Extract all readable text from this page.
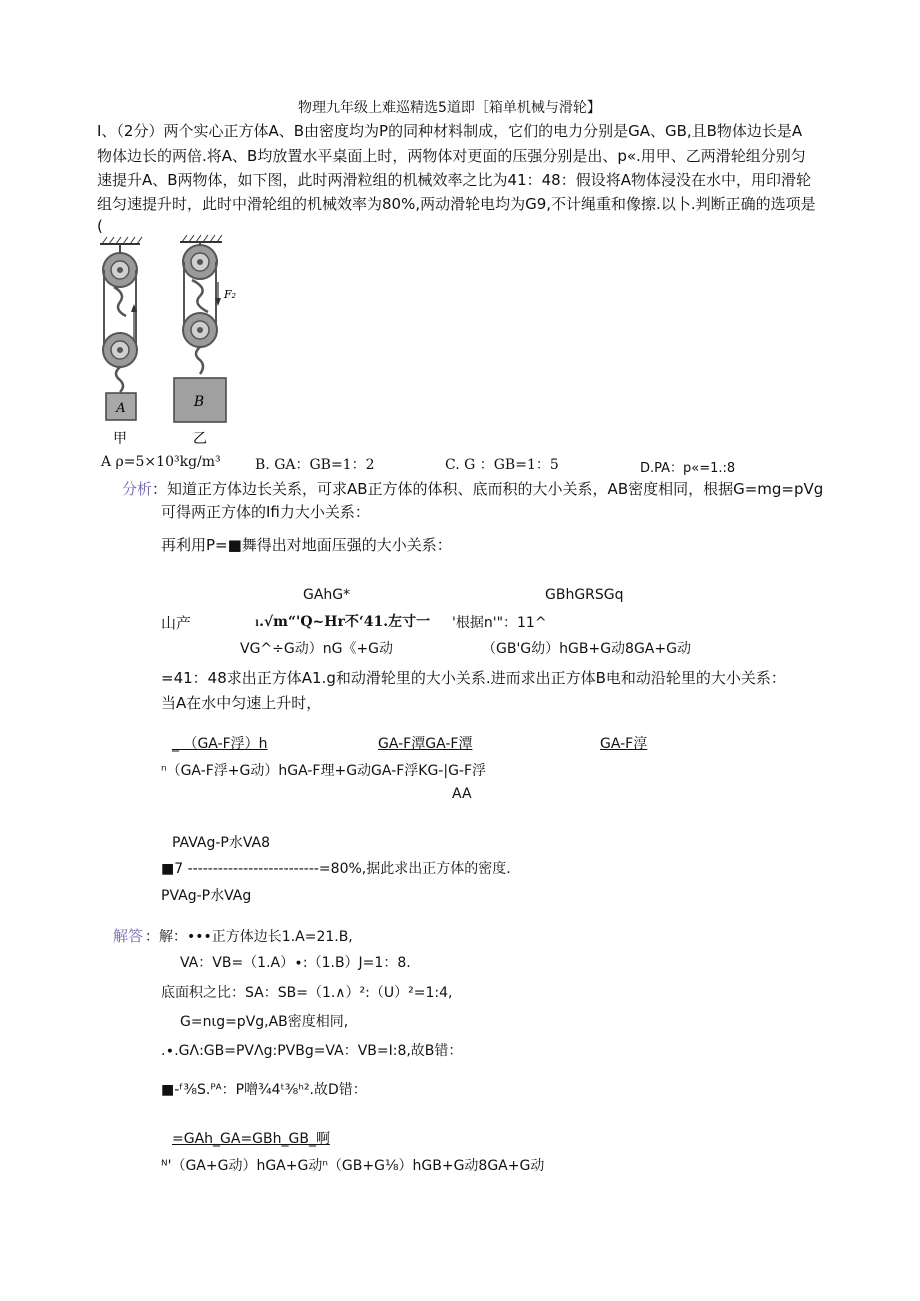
物理九年级上难巡精选5道即［箱单机械与滑轮】
I、（2分）两个实心正方体A、B由密度均为P的同种材料制成，它们的电力分别是GA、GB,且B物体边长是A
物体边长的两倍.将A、B均放置水平桌面上时，两物体对更面的压强分别是出、p«.用甲、乙两滑轮组分别匀
速提升A、B两物体，如下图，此时两滑粒组的机械效率之比为41：48：假设将A物体浸没在水中，用印滑轮
组匀速提升时，此时中滑轮组的机械效率为80%,两动滑轮电均为G9,不计绳重和像擦.以卜.判断正确的选项是
(
A
F₂
B
甲	乙
A ρ=5×10³kg/m³ B. GA：GB=1：2	C. G ：GB=1：5	D.PA：p«=1.:8
分析 ：知道正方体边长关系，可求AB正方体的体积、底而积的大小关系，AB密度相同，根据G=mg=pVg
可得两正方体的Ifi力大小关系：
再利用P=■舞得出对地面压强的大小关系：
GAhG*	GBhGRSGq
山产	ₗ.√m“'Q~Hr不‘41.左寸一 '根据n'"：11^
VG^÷G动）nG《+G动	（GB'G幼）hGB+G动8GA+G动
=41：48求出正方体A1.g和动滑轮里的大小关系.进而求出正方体B电和动沿轮里的大小关系：
当A在水中匀速上升时，
_ （GA-F浮）h	GA-F潭GA-F潭	GA-F淳
ⁿ（GA-F浮+G动）hGA-F理+G动GA-F浮KG-|G-F浮
AA
PAVAg-P水VA8
■7 --------------------------=80%,据此求出正方体的密度.
PVAg-P水VAg
解答 ：解：•••正方体边长1.A=21.B,
VA：VB=（1.A）∙:（1.B）J=1：8.
底面积之比：SA：SB=（1.∧）²:（U）²=1:4,
G=nιg=pVg,AB密度相同,
.∙.GΛ:GB=PVΛg:PVBg=VA：VB=I:8,故B错：
■-ᶠ³⁄₈S.ᴾᴬ：P噌¾4ᵗ³⁄₈ʰ².故D错：
=GAh_GA=GBh_GB_啊
ᴺ'（GA+G动）hGA+G动ⁿ（GB+G⅛）hGB+G动8GA+G动
